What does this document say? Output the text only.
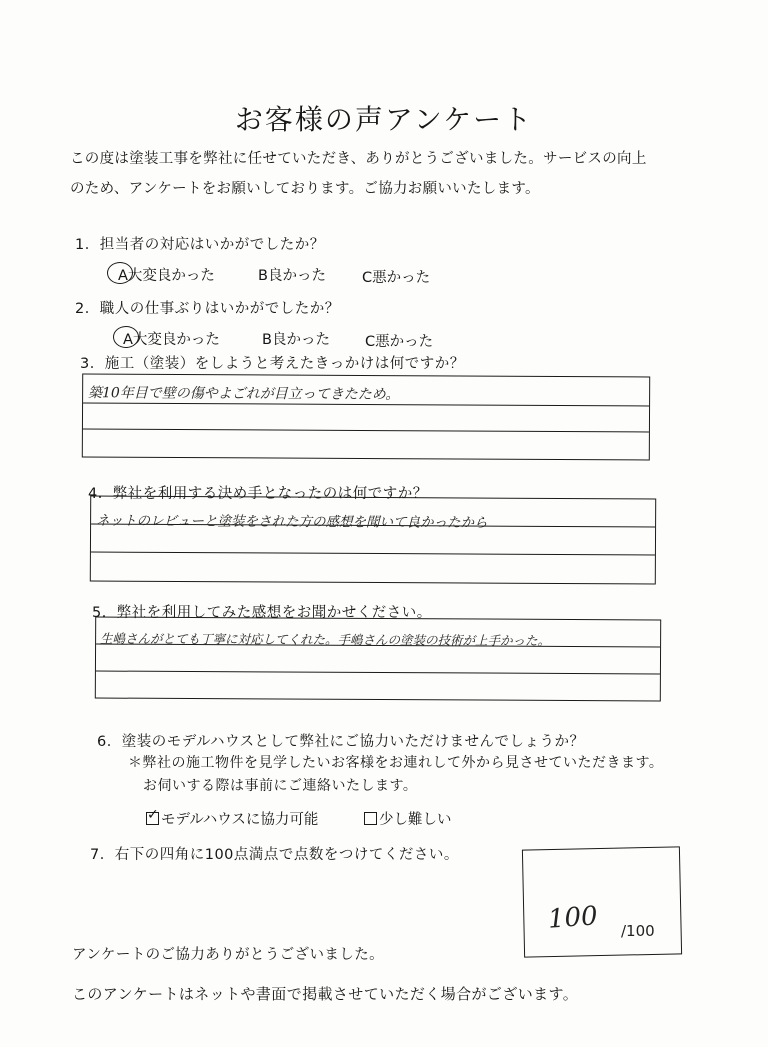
お客様の声アンケート
この度は塗装工事を弊社に任せていただき、ありがとうございました。サービスの向上
のため、アンケートをお願いしております。ご協力お願いいたします。
1．担当者の対応はいかがでしたか？
A大変良かった	B良かった C悪かった
2．職人の仕事ぶりはいかがでしたか？
A大変良かった	B良かった C悪かった
3．施工（塗装）をしようと考えたきっかけは何ですか？
築10年目で壁の傷やよごれが目立ってきたため。
4．弊社を利用する決め手となったのは何ですか？
ネットのレビューと塗装をされた方の感想を聞いて良かったから
5．弊社を利用してみた感想をお聞かせください。
生嶋さんがとても丁寧に対応してくれた。手嶋さんの塗装の技術が上手かった。
6．塗装のモデルハウスとして弊社にご協力いただけませんでしょうか？
＊弊社の施工物件を見学したいお客様をお連れして外から見させていただきます。
お伺いする際は事前にご連絡いたします。
✓ モデルハウスに協力可能	少し難しい
7．右下の四角に100点満点で点数をつけてください。
100 /100
アンケートのご協力ありがとうございました。
このアンケートはネットや書面で掲載させていただく場合がございます。
